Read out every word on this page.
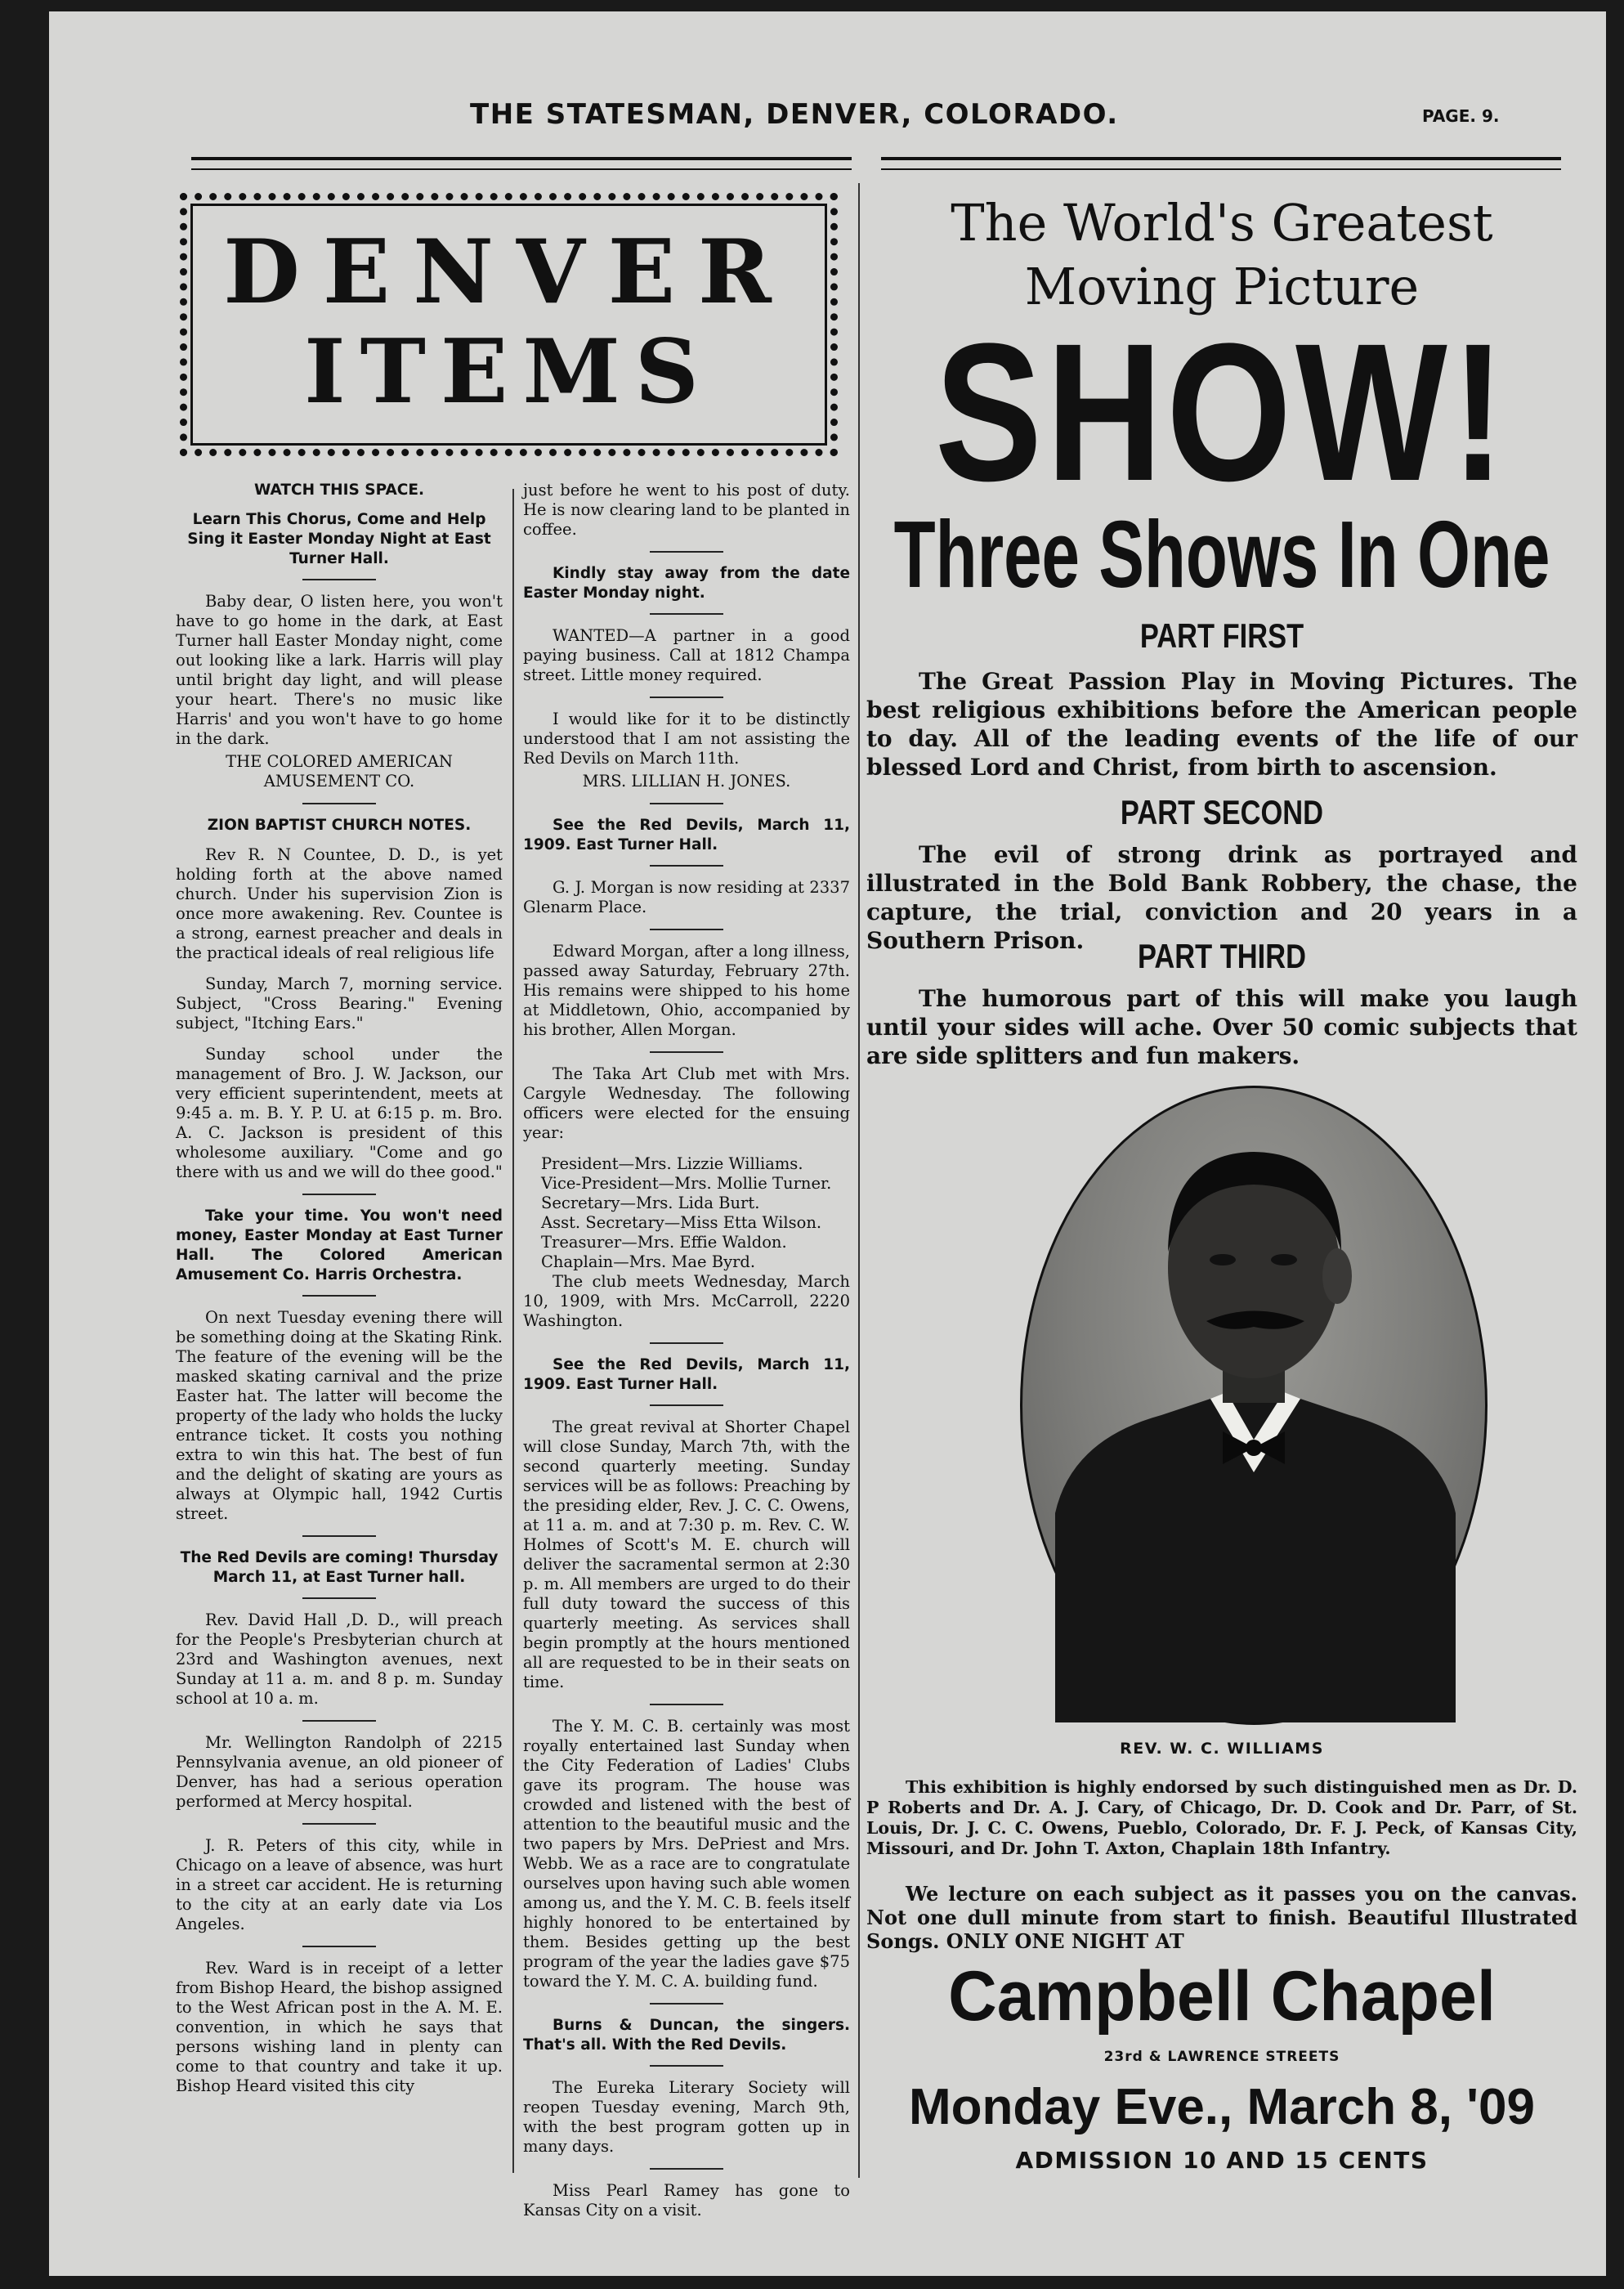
THE STATESMAN, DENVER, COLORADO.	PAGE. 9.
DENVER
ITEMS
WATCH THIS SPACE.
Learn This Chorus, Come and Help Sing it Easter Monday Night at East Turner Hall.

Baby dear, O listen here, you won't have to go home in the dark, at East Turner hall Easter Monday night, come out looking like a lark. Harris will play until bright day light, and will please your heart. There's no music like Harris' and you won't have to go home in the dark.

THE COLORED AMERICAN AMUSEMENT CO.
ZION BAPTIST CHURCH NOTES.

Rev R. N Countee, D. D., is yet holding forth at the above named church. Under his supervision Zion is once more awakening. Rev. Countee is a strong, earnest preacher and deals in the practical ideals of real religious life

Sunday, March 7, morning service. Subject, "Cross Bearing." Evening subject, "Itching Ears."

Sunday school under the management of Bro. J. W. Jackson, our very efficient superintendent, meets at 9:45 a. m. B. Y. P. U. at 6:15 p. m. Bro. A. C. Jackson is president of this wholesome auxiliary. "Come and go there with us and we will do thee good."

Take your time. You won't need money, Easter Monday at East Turner Hall. The Colored American Amusement Co. Harris Orchestra.

On next Tuesday evening there will be something doing at the Skating Rink. The feature of the evening will be the masked skating carnival and the prize Easter hat. The latter will become the property of the lady who holds the lucky entrance ticket. It costs you nothing extra to win this hat. The best of fun and the delight of skating are yours as always at Olympic hall, 1942 Curtis street.

The Red Devils are coming! Thursday March 11, at East Turner hall.

Rev. David Hall ,D. D., will preach for the People's Presbyterian church at 23rd and Washington avenues, next Sunday at 11 a. m. and 8 p. m. Sunday school at 10 a. m.

Mr. Wellington Randolph of 2215 Pennsylvania avenue, an old pioneer of Denver, has had a serious operation performed at Mercy hospital.

J. R. Peters of this city, while in Chicago on a leave of absence, was hurt in a street car accident. He is returning to the city at an early date via Los Angeles.

Rev. Ward is in receipt of a letter from Bishop Heard, the bishop assigned to the West African post in the A. M. E. convention, in which he says that persons wishing land in plenty can come to that country and take it up. Bishop Heard visited this city

just before he went to his post of duty. He is now clearing land to be planted in coffee.

Kindly stay away from the date Easter Monday night.

WANTED—A partner in a good paying business. Call at 1812 Champa street. Little money required.

I would like for it to be distinctly understood that I am not assisting the Red Devils on March 11th.

MRS. LILLIAN H. JONES.
See the Red Devils, March 11, 1909. East Turner Hall.

G. J. Morgan is now residing at 2337 Glenarm Place.

Edward Morgan, after a long illness, passed away Saturday, February 27th. His remains were shipped to his home at Middletown, Ohio, accompanied by his brother, Allen Morgan.

The Taka Art Club met with Mrs. Cargyle Wednesday. The following officers were elected for the ensuing year:

President—Mrs. Lizzie Williams.
Vice-President—Mrs. Mollie Turner.
Secretary—Mrs. Lida Burt.
Asst. Secretary—Miss Etta Wilson.
Treasurer—Mrs. Effie Waldon.
Chaplain—Mrs. Mae Byrd.

The club meets Wednesday, March 10, 1909, with Mrs. McCarroll, 2220 Washington.

See the Red Devils, March 11, 1909. East Turner Hall.

The great revival at Shorter Chapel will close Sunday, March 7th, with the second quarterly meeting. Sunday services will be as follows: Preaching by the presiding elder, Rev. J. C. C. Owens, at 11 a. m. and at 7:30 p. m. Rev. C. W. Holmes of Scott's M. E. church will deliver the sacramental sermon at 2:30 p. m. All members are urged to do their full duty toward the success of this quarterly meeting. As services shall begin promptly at the hours mentioned all are requested to be in their seats on time.

The Y. M. C. B. certainly was most royally entertained last Sunday when the City Federation of Ladies' Clubs gave its program. The house was crowded and listened with the best of attention to the beautiful music and the two papers by Mrs. DePriest and Mrs. Webb. We as a race are to congratulate ourselves upon having such able women among us, and the Y. M. C. B. feels itself highly honored to be entertained by them. Besides getting up the best program of the year the ladies gave $75 toward the Y. M. C. A. building fund.

Burns & Duncan, the singers. That's all. With the Red Devils.

The Eureka Literary Society will reopen Tuesday evening, March 9th, with the best program gotten up in many days.

Miss Pearl Ramey has gone to Kansas City on a visit.

The World's Greatest
Moving Picture
SHOW!
Three Shows In One
PART FIRST
The Great Passion Play in Moving Pictures. The best religious exhibitions before the American people to day. All of the leading events of the life of our blessed Lord and Christ, from birth to ascension.
PART SECOND
The evil of strong drink as portrayed and illustrated in the Bold Bank Robbery, the chase, the capture, the trial, conviction and 20 years in a Southern Prison.	PART THIRD
The humorous part of this will make you laugh until your sides will ache. Over 50 comic subjects that are side splitters and fun makers.
REV. W. C. WILLIAMS
This exhibition is highly endorsed by such distinguished men as Dr. D. P Roberts and Dr. A. J. Cary, of Chicago, Dr. D. Cook and Dr. Parr, of St. Louis, Dr. J. C. C. Owens, Pueblo, Colorado, Dr. F. J. Peck, of Kansas City, Missouri, and Dr. John T. Axton, Chaplain 18th Infantry.
We lecture on each subject as it passes you on the canvas. Not one dull minute from start to finish. Beautiful Illustrated Songs. ONLY ONE NIGHT AT
Campbell Chapel
23rd & LAWRENCE STREETS
Monday Eve., March 8, '09
ADMISSION 10 AND 15 CENTS
